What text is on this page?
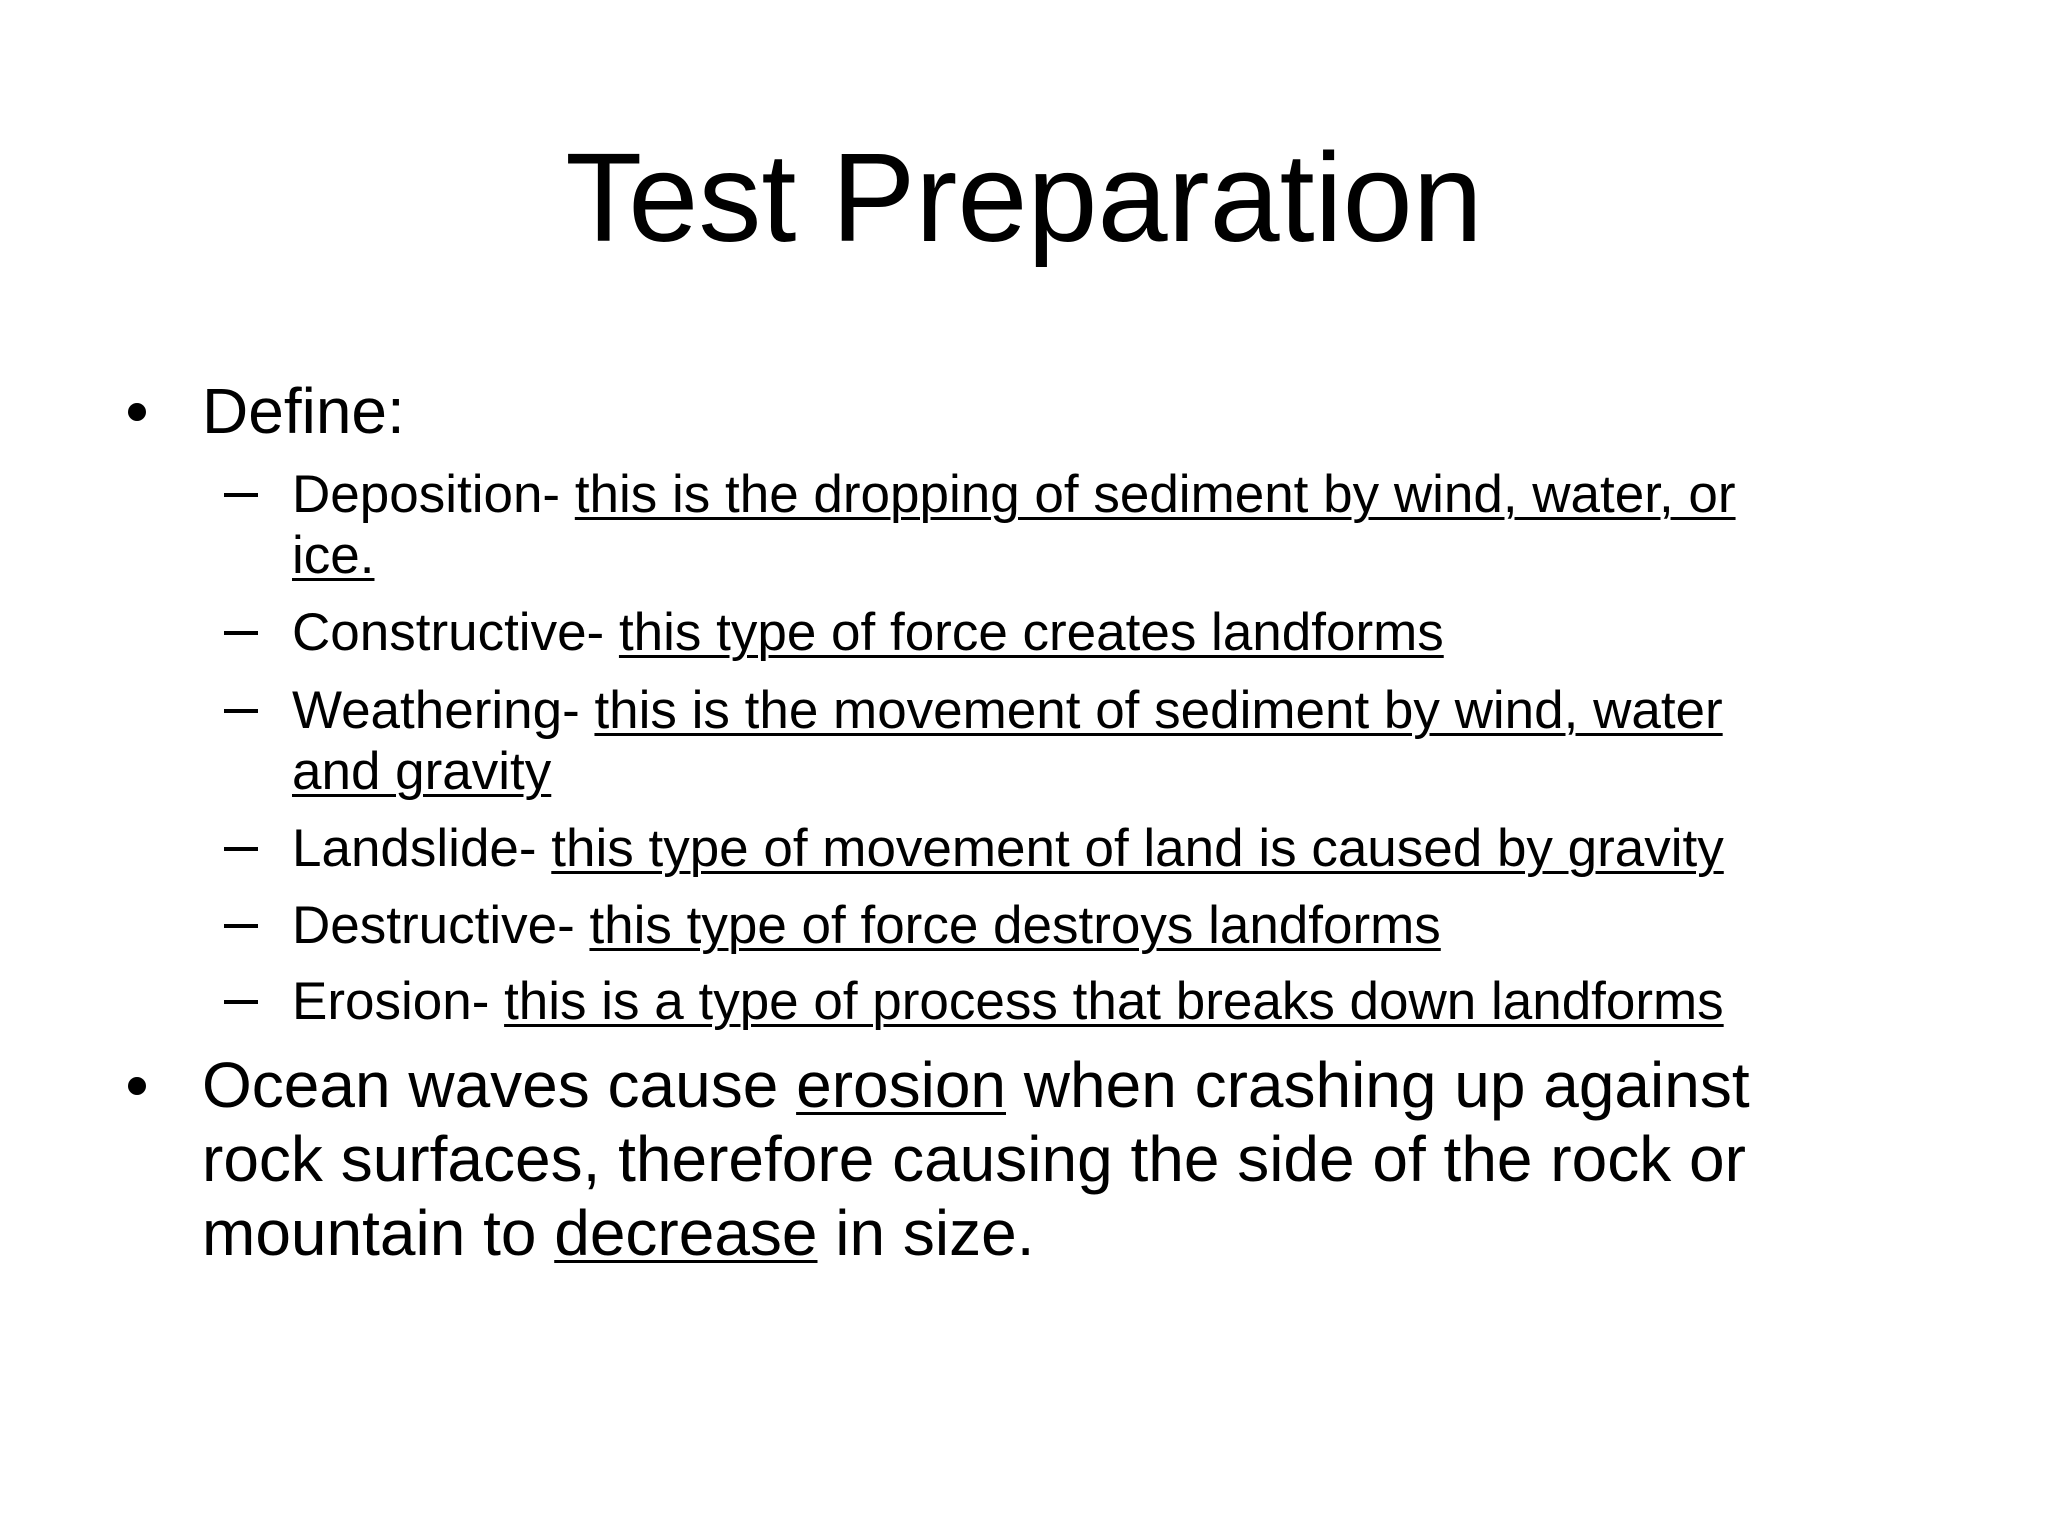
Test Preparation
Define:
Deposition- this is the dropping of sediment by wind, water, or
ice.
Constructive- this type of force creates landforms
Weathering- this is the movement of sediment by wind, water
and gravity
Landslide- this type of movement of land is caused by gravity
Destructive- this type of force destroys landforms
Erosion- this is a type of process that breaks down landforms
Ocean waves cause erosion when crashing up against
rock surfaces, therefore causing the side of the rock or
mountain to decrease in size.
